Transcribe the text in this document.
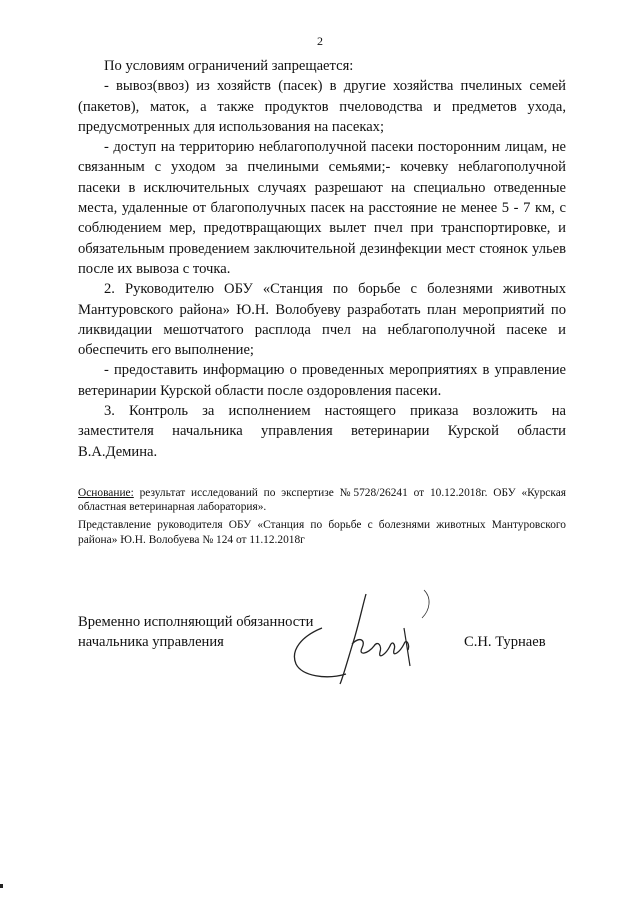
2

По условиям ограничений запрещается:

- вывоз(ввоз) из хозяйств (пасек) в другие хозяйства пчелиных семей (пакетов), маток, а также продуктов пчеловодства и предметов ухода, предусмотренных для использования на пасеках;

- доступ на территорию неблагополучной пасеки посторонним лицам, не связанным с уходом за пчелиными семьями;- кочевку неблагополучной пасеки в исключительных случаях разрешают на специально отведенные места, удаленные от благополучных пасек на расстояние не менее 5 - 7 км, с соблюдением мер, предотвращающих вылет пчел при транспортировке, и обязательным проведением заключительной дезинфекции мест стоянок ульев после их вывоза с точка.

2. Руководителю ОБУ «Станция по борьбе с болезнями животных Мантуровского района» Ю.Н. Волобуеву разработать план мероприятий по ликвидации мешотчатого расплода пчел на неблагополучной пасеке и обеспечить его выполнение;

- предоставить информацию о проведенных мероприятиях в управление ветеринарии Курской области после оздоровления пасеки.

3. Контроль за исполнением настоящего приказа возложить на заместителя начальника управления ветеринарии Курской области В.А.Демина.

Основание: результат исследований по экспертизе №5728/26241 от 10.12.2018г. ОБУ «Курская областная ветеринарная лаборатория».

Представление руководителя ОБУ «Станция по борьбе с болезнями животных Мантуровского района» Ю.Н. Волобуева № 124 от 11.12.2018г

Временно исполняющий обязанности
начальника управления	С.Н. Турнаев
